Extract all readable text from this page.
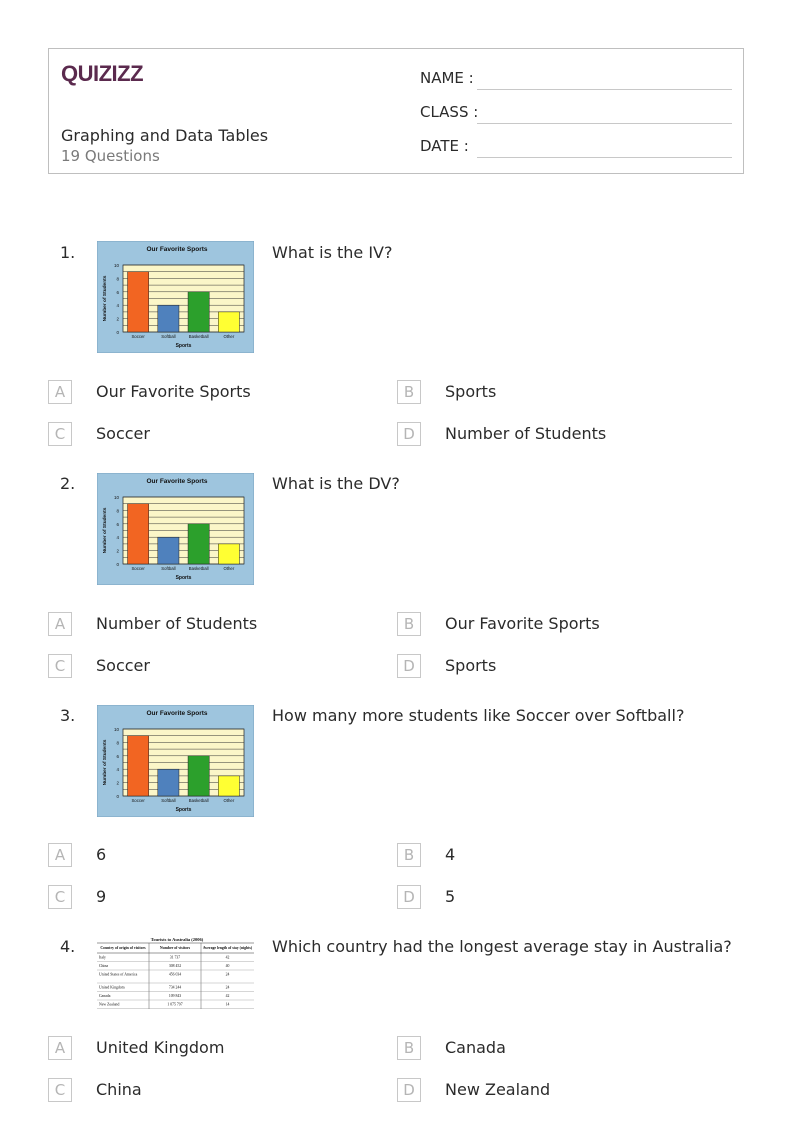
QUIZIZZ
Graphing and Data Tables
19 Questions
NAME :
CLASS :
DATE :
1.	Our Favorite Sports
0
2
4
6
8
10
Soccer	Softball	Basketball	Other
Sports
Number of Students
What is the IV?
A	Our Favorite Sports	B	Sports
C	Soccer	D	Number of Students
2.	Our Favorite Sports
0
2
4
6
8
10
Soccer	Softball	Basketball	Other
Sports
Number of Students
What is the DV?
A	Number of Students	B	Our Favorite Sports
C	Soccer	D	Sports
3.	Our Favorite Sports
0
2
4
6
8
10
Soccer	Softball	Basketball	Other
Sports
Number of Students
How many more students like Soccer over Softball?
A	6	B	4
C	9	D	5
4.	Tourists to Australia (2006)
Country of origin of visitors	Number of visitors	Average length of stay (nights)
Italy	31 737	42
China	308 452	40
United States of America	456 034	24
United Kingdom	734 244	24
Canada	109 843	42
New Zealand	1 075 797	14
Which country had the longest average stay in Australia?
A	United Kingdom	B	Canada
C	China	D	New Zealand
